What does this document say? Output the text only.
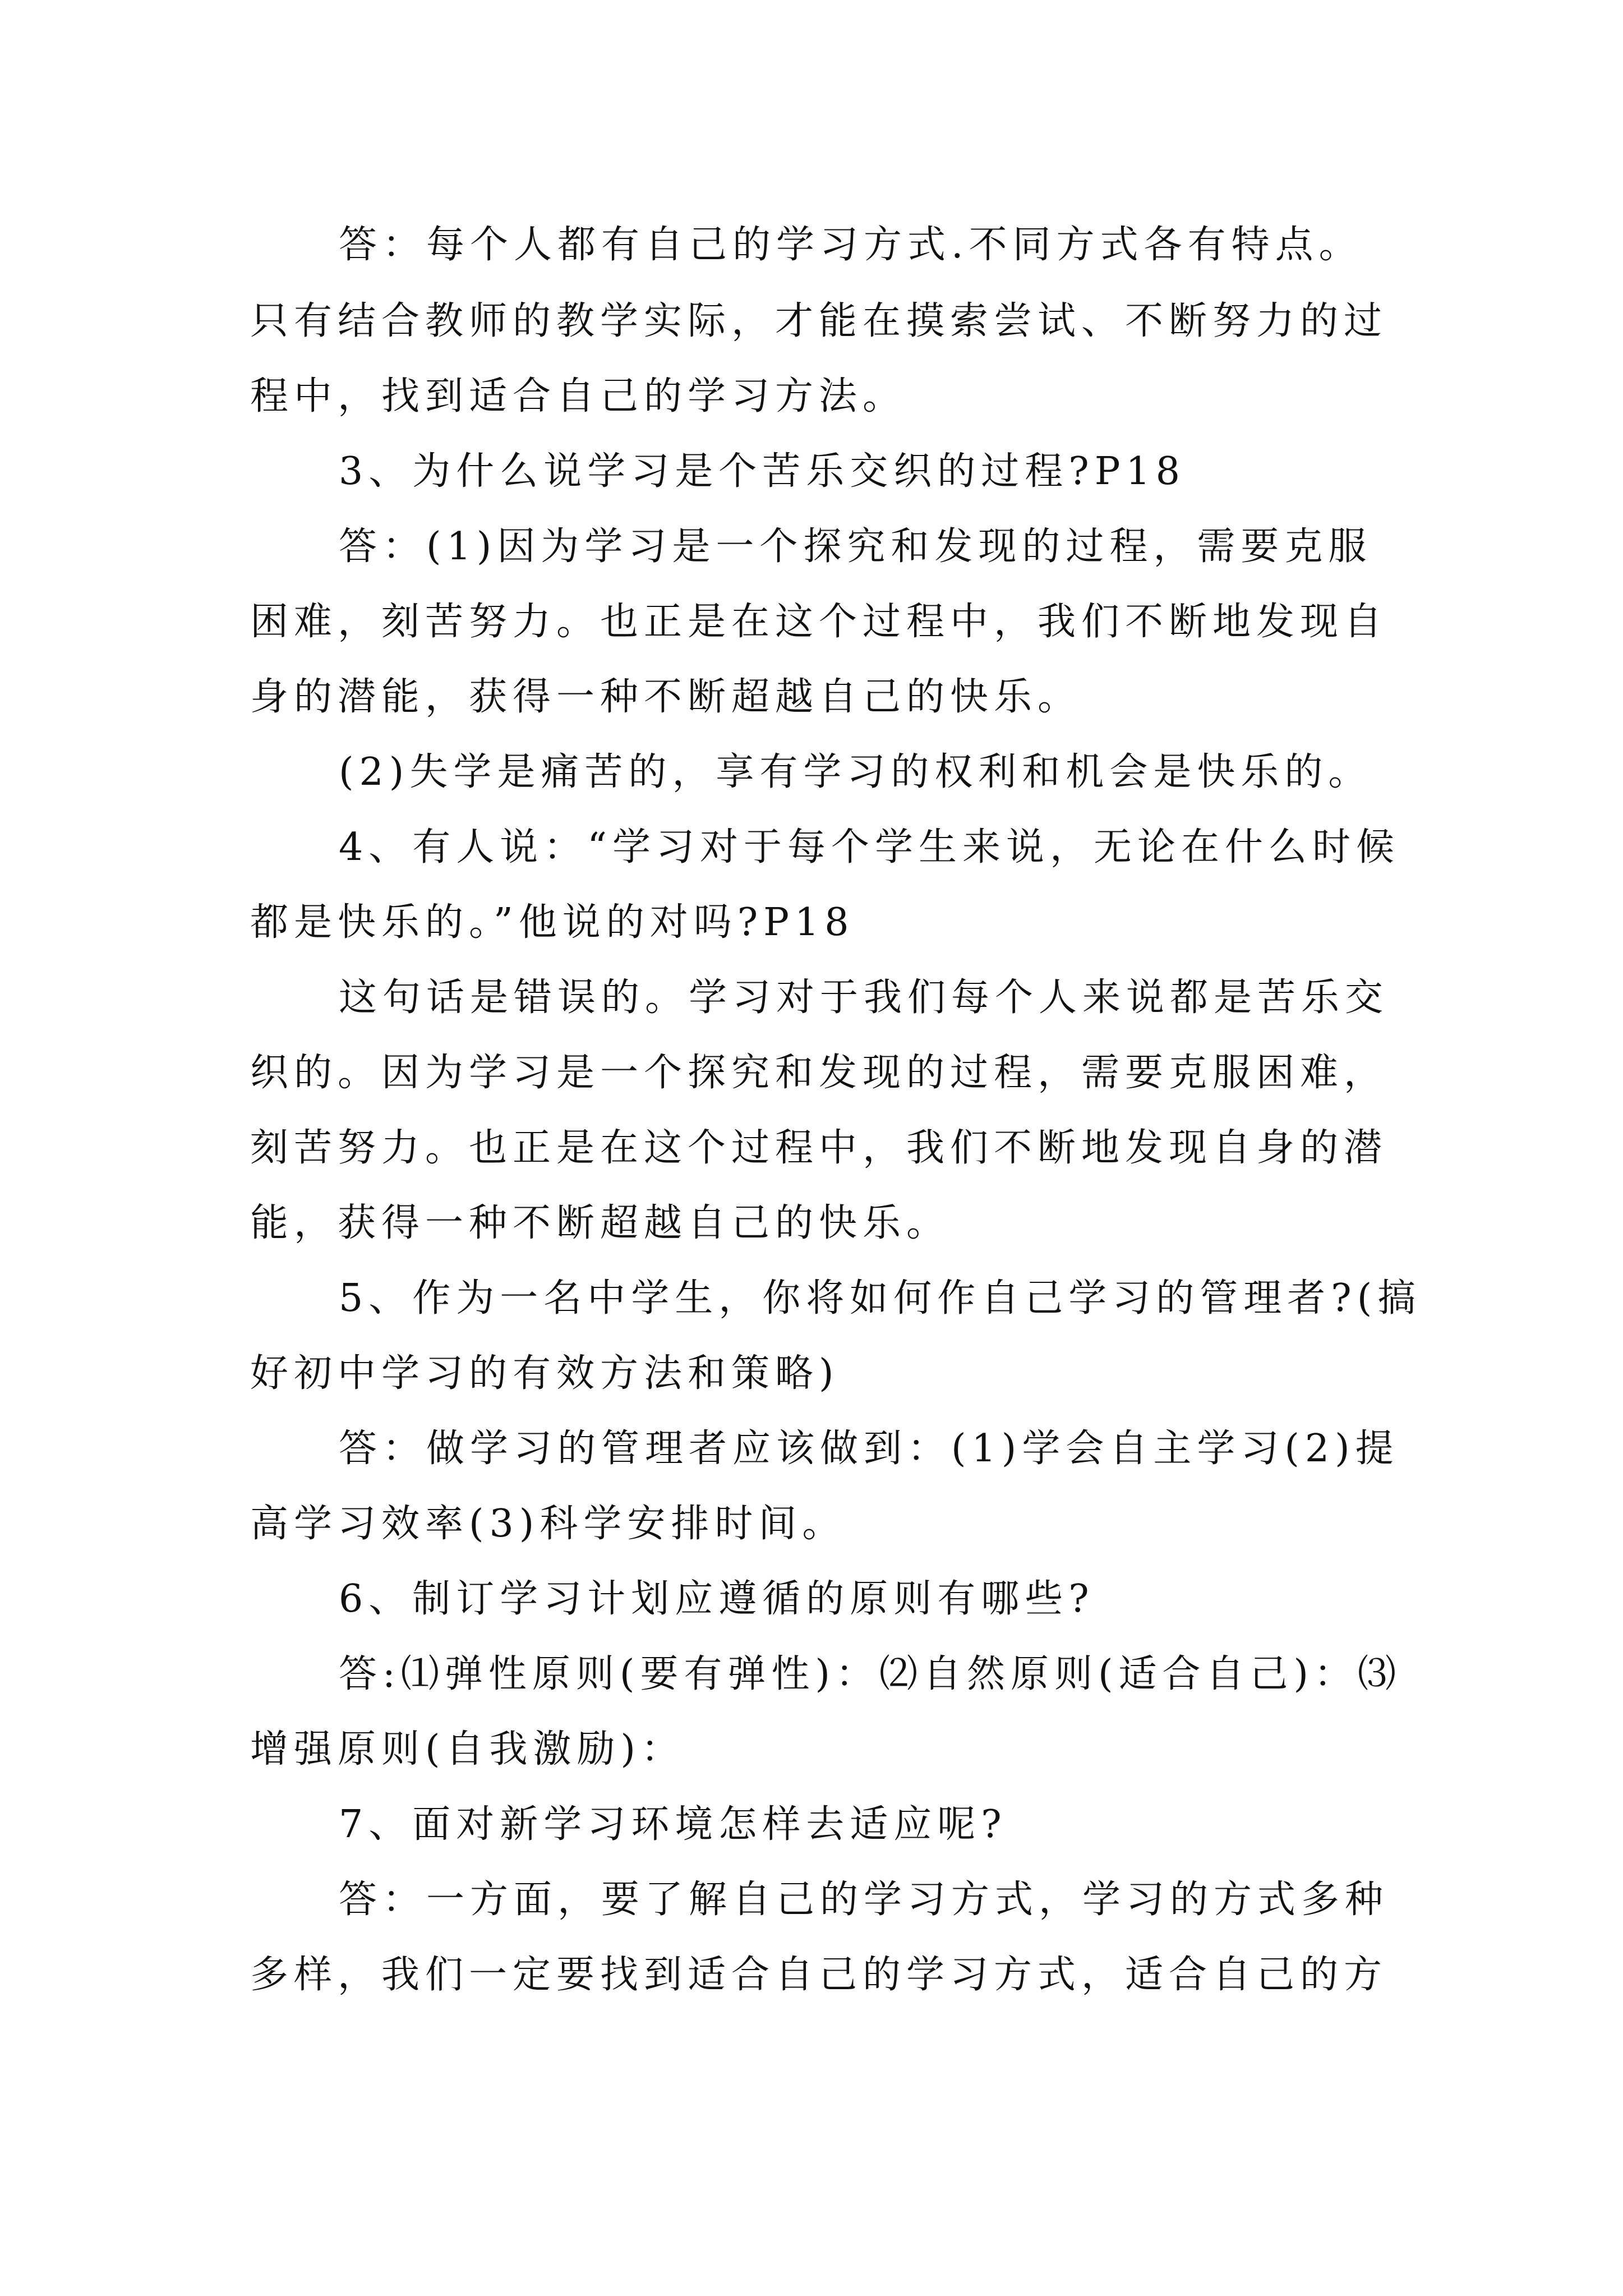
答：每个人都有自己的学习方式.不同方式各有特点。
只有结合教师的教学实际，才能在摸索尝试、不断努力的过
程中，找到适合自己的学习方法。
3、为什么说学习是个苦乐交织的过程?P18
答：(1)因为学习是一个探究和发现的过程，需要克服
困难，刻苦努力。也正是在这个过程中，我们不断地发现自
身的潜能，获得一种不断超越自己的快乐。
(2)失学是痛苦的，享有学习的权利和机会是快乐的。
4、有人说：“学习对于每个学生来说，无论在什么时候
都是快乐的。”他说的对吗?P18
这句话是错误的。学习对于我们每个人来说都是苦乐交
织的。因为学习是一个探究和发现的过程，需要克服困难，
刻苦努力。也正是在这个过程中，我们不断地发现自身的潜
能，获得一种不断超越自己的快乐。
5、作为一名中学生，你将如何作自己学习的管理者?(搞
好初中学习的有效方法和策略)
答：做学习的管理者应该做到：(1)学会自主学习(2)提
高学习效率(3)科学安排时间。
6、制订学习计划应遵循的原则有哪些?
答:⑴弹性原则(要有弹性)：⑵自然原则(适合自己)：⑶
增强原则(自我激励)：
7、面对新学习环境怎样去适应呢?
答：一方面，要了解自己的学习方式，学习的方式多种
多样，我们一定要找到适合自己的学习方式，适合自己的方
